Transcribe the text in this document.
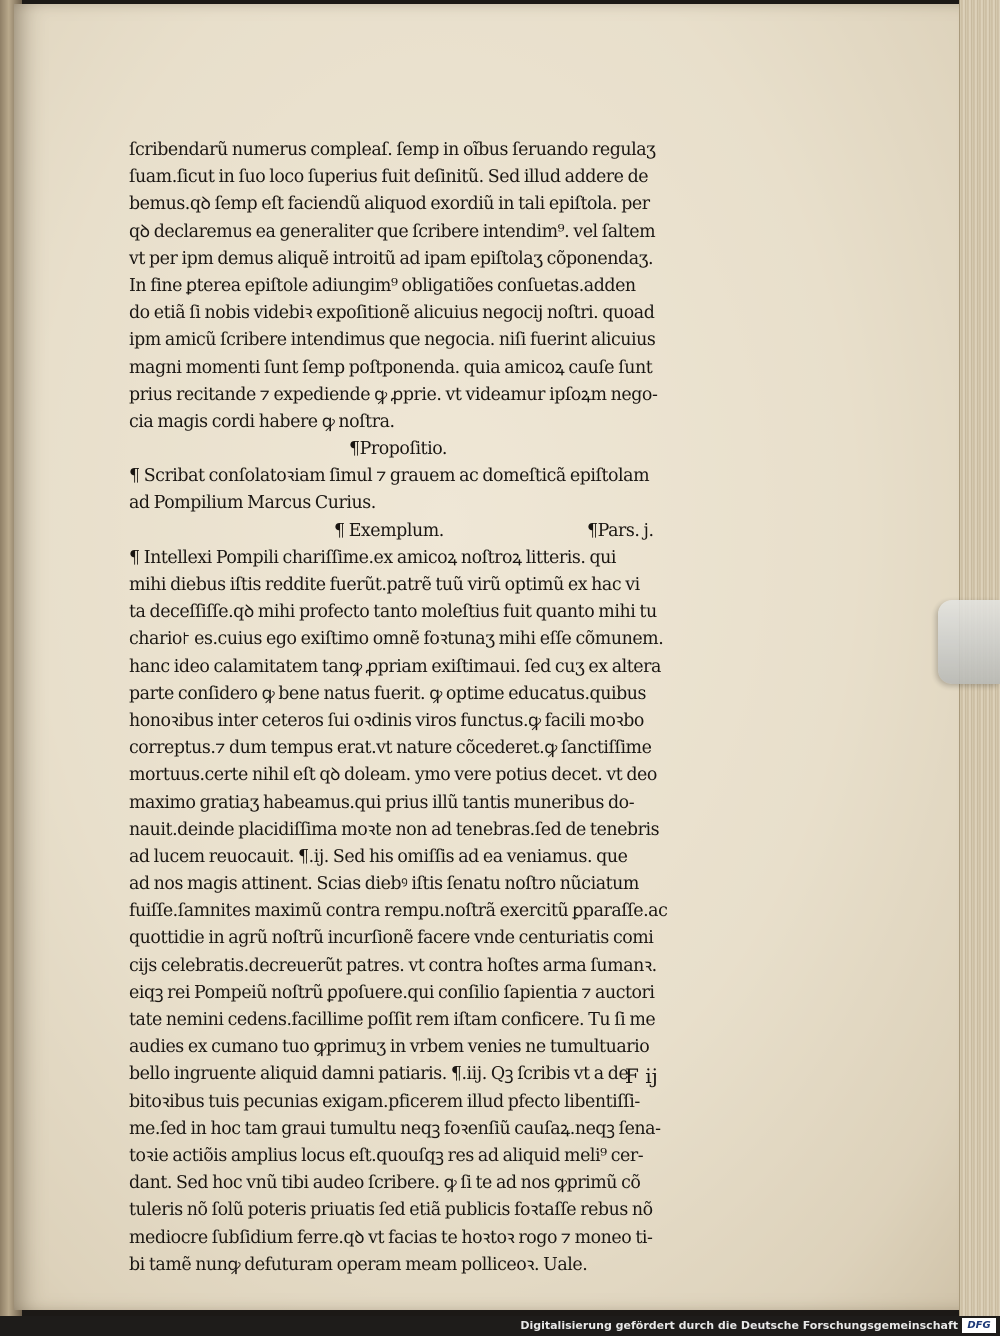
ſcribendarũ numerus compleaſ. ſemp in oĩbus ſeruando regulaʒ
ſuam.ſicut in ſuo loco ſuperius fuit deſinitũ. Sed illud addere de
bemus.qꝺ ſemp eſt faciendũ aliquod exordiũ in tali epiſtola. per
qꝺ declaremus ea generaliter que ſcribere intendim⁹. vel ſaltem
vt per ipm demus aliquẽ introitũ ad ipam epiſtolaʒ cõponendaʒ.
In fine ꝑterea epiſtole adiungim⁹ obligatiões conſuetas.adden
do etiã ſi nobis videbiꝛ expoſitionẽ alicuius negocij noſtri. quoad
ipm amicũ ſcribere intendimus que negocia. niſi fuerint alicuius
magni momenti ſunt ſemp poſtponenda. quia amicoꝝ cauſe ſunt
prius recitande ⁊ expediende ꝙ ꝓprie. vt videamur ipſoꝝm nego-
cia magis cordi habere ꝙ noſtra.
¶Propoſitio.
¶ Scribat conſolatoꝛiam ſimul ⁊ grauem ac domeſticã epiſtolam
ad Pompilium Marcus Curius.
¶ Exemplum.	¶Pars. j.
¶ Intellexi Pompili chariſſime.ex amicoꝝ noſtroꝝ litteris. qui
mihi diebus iſtis reddite fuerũt.patrẽ tuũ virũ optimũ ex hac vi
ta deceſſiſſe.qꝺ mihi profecto tanto moleſtius fuit quanto mihi tu
chario꜓ es.cuius ego exiſtimo omnẽ foꝛtunaʒ mihi eſſe cõmunem.
hanc ideo calamitatem tanꝙ ꝓpriam exiſtimaui. ſed cuʒ ex altera
parte conſidero ꝙ bene natus fuerit. ꝙ optime educatus.quibus
honoꝛibus inter ceteros ſui oꝛdinis viros functus.ꝙ facili moꝛbo
correptus.⁊ dum tempus erat.vt nature cõcederet.ꝙ ſanctiſſime
mortuus.certe nihil eſt qꝺ doleam. ymo vere potius decet. vt deo
maximo gratiaʒ habeamus.qui prius illũ tantis muneribus do-
nauit.deinde placidiſſima moꝛte non ad tenebras.ſed de tenebris
ad lucem reuocauit. ¶.ij. Sed his omiſſis ad ea veniamus. que
ad nos magis attinent. Scias diebꝰ iſtis ſenatu noſtro nũciatum
fuiſſe.ſamnites maximũ contra rempu.noſtrã exercitũ ꝑparaſſe.ac
quottidie in agrũ noſtrũ incurſionẽ facere vnde centuriatis comi
cijs celebratis.decreuerũt patres. vt contra hoſtes arma ſumanꝛ.
eiqꝫ rei Pompeiũ noſtrũ ꝑpoſuere.qui conſilio ſapientia ⁊ auctori
tate nemini cedens.facillime poſſit rem iſtam conficere. Tu ſi me
audies ex cumano tuo ꝙprimuʒ in vrbem venies ne tumultuario
bello ingruente aliquid damni patiaris. ¶.iij. Qꝫ ſcribis vt a de
bitoꝛibus tuis pecunias exigam.pficerem illud pfecto libentiſſi-
me.ſed in hoc tam graui tumultu neqꝫ foꝛenſiũ cauſaꝝ.neqꝫ ſena-
toꝛie actiõis amplius locus eſt.quouſqꝫ res ad aliquid meli⁹ cer-
dant. Sed hoc vnũ tibi audeo ſcribere. ꝙ ſi te ad nos ꝙprimũ cõ
tuleris nõ ſolũ poteris priuatis ſed etiã publicis foꝛtaſſe rebus nõ
mediocre ſubſidium ferre.qꝺ vt facias te hoꝛtoꝛ rogo ⁊ moneo ti-
bi tamẽ nunꝙ defuturam operam meam polliceoꝛ. Uale.
F ij
Digitalisierung gefördert durch die Deutsche Forschungsgemeinschaft DFG
